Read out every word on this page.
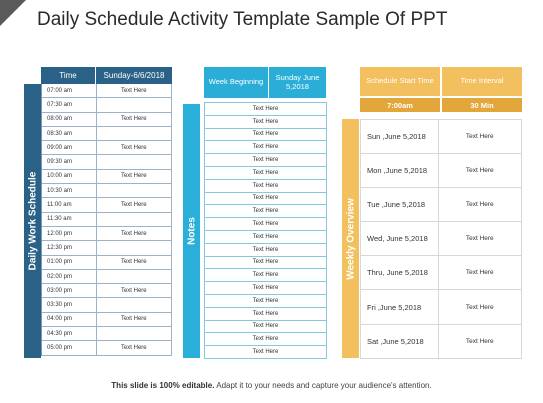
Daily Schedule Activity Template Sample Of PPT
Daily Work Schedule
Time	Sunday-6/6/2018
07:00 am	Text Here
07:30 am
08:00 am	Text Here
08:30 am
09:00 am	Text Here
09:30 am
10:00 am	Text Here
10:30 am
11:00 am	Text Here
11:30 am
12:00 pm	Text Here
12:30 pm
01:00 pm	Text Here
02:00 pm
03:00 pm	Text Here
03:30 pm
04:00 pm	Text Here
04:30 pm
05:00 pm	Text Here
Week Beginning	Sunday June 5,2018
Notes
Text Here
Text Here
Text Here
Text Here
Text Here
Text Here
Text Here
Text Here
Text Here
Text Here
Text Here
Text Here
Text Here
Text Here
Text Here
Text Here
Text Here
Text Here
Text Here
Text Here
Schedule Start Time	Time Interval
7:00am	30 Min
Weekly Overview
Sun ,June 5,2018	Text Here
Mon ,June 5,2018	Text Here
Tue ,June 5,2018	Text Here
Wed, June 5,2018	Text Here
Thru, June 5,2018	Text Here
Fri ,June 5,2018	Text Here
Sat ,June 5,2018	Text Here
This slide is 100% editable. Adapt it to your needs and capture your audience's attention.
